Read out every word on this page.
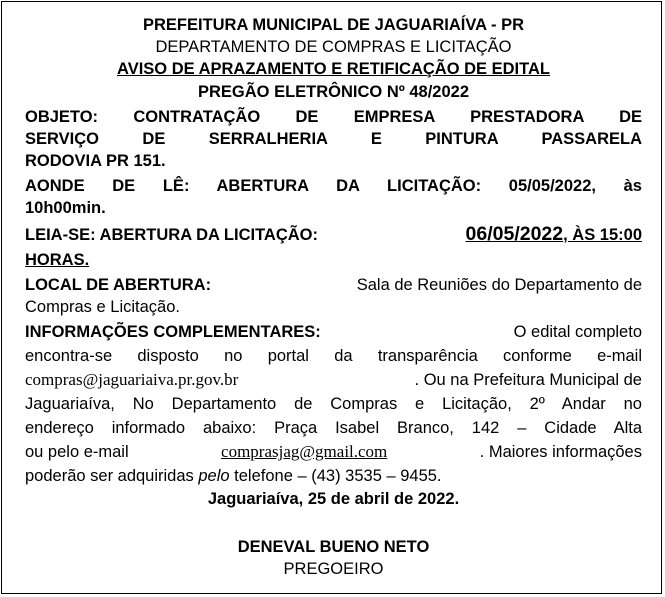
PREFEITURA MUNICIPAL DE JAGUARIAÍVA - PR
DEPARTAMENTO DE COMPRAS E LICITAÇÃO
AVISO DE APRAZAMENTO E RETIFICAÇÃO DE EDITAL
PREGÃO ELETRÔNICO Nº 48/2022
OBJETO: CONTRATAÇÃO DE EMPRESA PRESTADORA DE
SERVIÇO DE SERRALHERIA E PINTURA PASSARELA
RODOVIA PR 151.
AONDE DE LÊ: ABERTURA DA LICITAÇÃO: 05/05/2022, às
10h00min.
LEIA-SE: ABERTURA DA LICITAÇÃO:	06/05/2022, ÀS 15:00
HORAS.
LOCAL DE ABERTURA:	Sala de Reuniões do Departamento de
Compras e Licitação.
INFORMAÇÕES COMPLEMENTARES:	O edital completo
encontra-se disposto no portal da transparência conforme e-mail
compras@jaguariaiva.pr.gov.br	. Ou na Prefeitura Municipal de
Jaguariaíva, No Departamento de Compras e Licitação, 2º Andar no
endereço informado abaixo: Praça Isabel Branco, 142 – Cidade Alta
ou pelo e-mail	comprasjag@gmail.com	. Maiores informações
poderão ser adquiridas pelo telefone – (43) 3535 – 9455.
Jaguariaíva, 25 de abril de 2022.
DENEVAL BUENO NETO
PREGOEIRO
